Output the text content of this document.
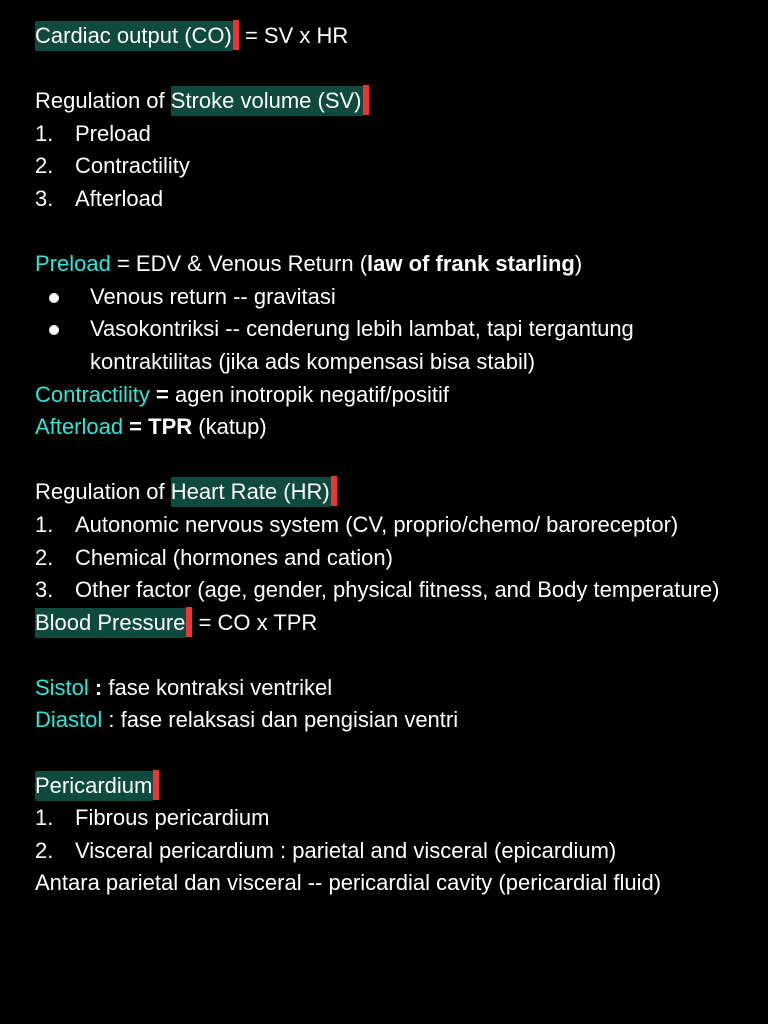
Cardiac output (CO) = SV x HR
Regulation of Stroke volume (SV)
1. Preload
2. Contractility
3. Afterload
Preload = EDV & Venous Return (law of frank starling)
Venous return -- gravitasi
Vasokontriksi -- cenderung lebih lambat, tapi tergantung kontraktilitas (jika ads kompensasi bisa stabil)
Contractility = agen inotropik negatif/positif
Afterload = TPR (katup)
Regulation of Heart Rate (HR)
1. Autonomic nervous system (CV, proprio/chemo/ baroreceptor)
2. Chemical (hormones and cation)
3. Other factor (age, gender, physical fitness, and Body temperature)
Blood Pressure = CO x TPR
Sistol : fase kontraksi ventrikel
Diastol : fase relaksasi dan pengisian ventri
Pericardium
1. Fibrous pericardium
2. Visceral pericardium : parietal and visceral (epicardium)
Antara parietal dan visceral -- pericardial cavity (pericardial fluid)
